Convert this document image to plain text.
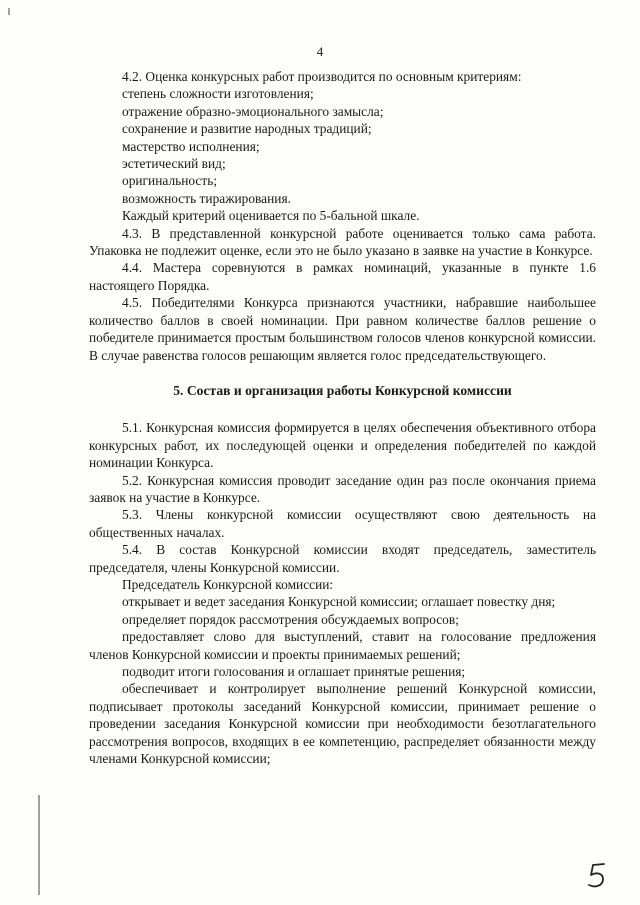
4

4.2. Оценка конкурсных работ производится по основным критериям:

степень сложности изготовления;

отражение образно-эмоционального замысла;

сохранение и развитие народных традиций;

мастерство исполнения;

эстетический вид;

оригинальность;

возможность тиражирования.

Каждый критерий оценивается по 5-бальной шкале.

4.3. В представленной конкурсной работе оценивается только сама работа. Упаковка не подлежит оценке, если это не было указано в заявке на участие в Конкурсе.

4.4. Мастера соревнуются в рамках номинаций, указанные в пункте 1.6 настоящего Порядка.

4.5. Победителями Конкурса признаются участники, набравшие наибольшее количество баллов в своей номинации. При равном количестве баллов решение о победителе принимается простым большинством голосов членов конкурсной комиссии. В случае равенства голосов решающим является голос председательствующего.

5. Состав и организация работы Конкурсной комиссии

5.1. Конкурсная комиссия формируется в целях обеспечения объективного отбора конкурсных работ, их последующей оценки и определения победителей по каждой номинации Конкурса.

5.2. Конкурсная комиссия проводит заседание один раз после окончания приема заявок на участие в Конкурсе.

5.3. Члены конкурсной комиссии осуществляют свою деятельность на общественных началах.

5.4. В состав Конкурсной комиссии входят председатель, заместитель председателя, члены Конкурсной комиссии.

Председатель Конкурсной комиссии:

открывает и ведет заседания Конкурсной комиссии; оглашает повестку дня;

определяет порядок рассмотрения обсуждаемых вопросов;

предоставляет слово для выступлений, ставит на голосование предложения членов Конкурсной комиссии и проекты принимаемых решений;

подводит итоги голосования и оглашает принятые решения;

обеспечивает и контролирует выполнение решений Конкурсной комиссии, подписывает протоколы заседаний Конкурсной комиссии, принимает решение о проведении заседания Конкурсной комиссии при необходимости безотлагательного рассмотрения вопросов, входящих в ее компетенцию, распределяет обязанности между членами Конкурсной комиссии;
